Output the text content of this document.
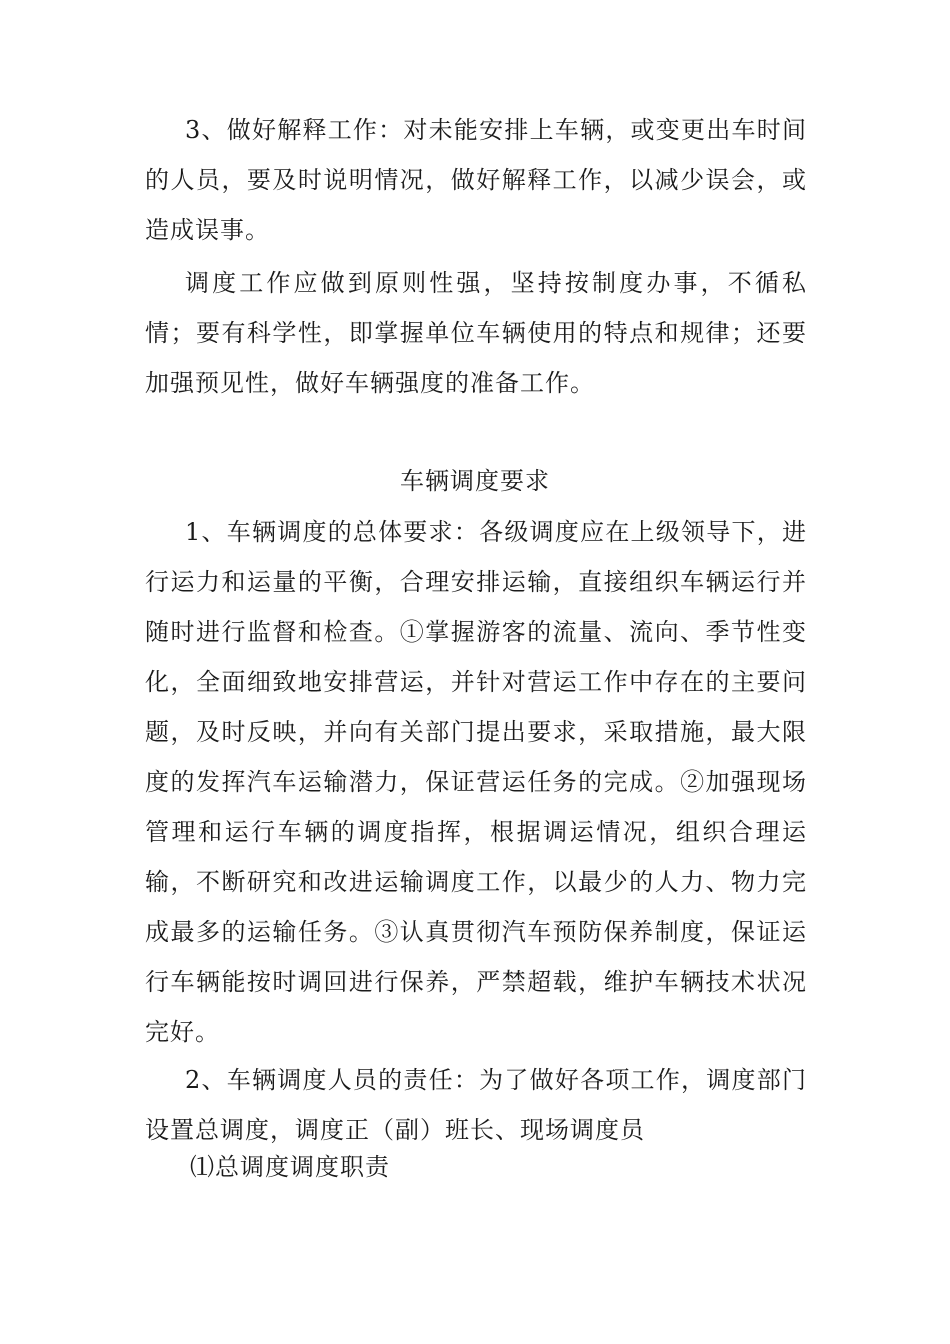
3、做好解释工作：对未能安排上车辆，或变更出车时间的人员，要及时说明情况，做好解释工作，以减少误会，或造成误事。

调度工作应做到原则性强，坚持按制度办事，不循私情；要有科学性，即掌握单位车辆使用的特点和规律；还要加强预见性，做好车辆强度的准备工作。

车辆调度要求

1、车辆调度的总体要求：各级调度应在上级领导下，进行运力和运量的平衡，合理安排运输，直接组织车辆运行并随时进行监督和检查。①掌握游客的流量、流向、季节性变化，全面细致地安排营运，并针对营运工作中存在的主要问题，及时反映，并向有关部门提出要求，采取措施，最大限度的发挥汽车运输潜力，保证营运任务的完成。②加强现场管理和运行车辆的调度指挥，根据调运情况，组织合理运输，不断研究和改进运输调度工作，以最少的人力、物力完成最多的运输任务。③认真贯彻汽车预防保养制度，保证运行车辆能按时调回进行保养，严禁超载，维护车辆技术状况完好。

2、车辆调度人员的责任：为了做好各项工作，调度部门设置总调度，调度正（副）班长、现场调度员

⑴总调度调度职责
